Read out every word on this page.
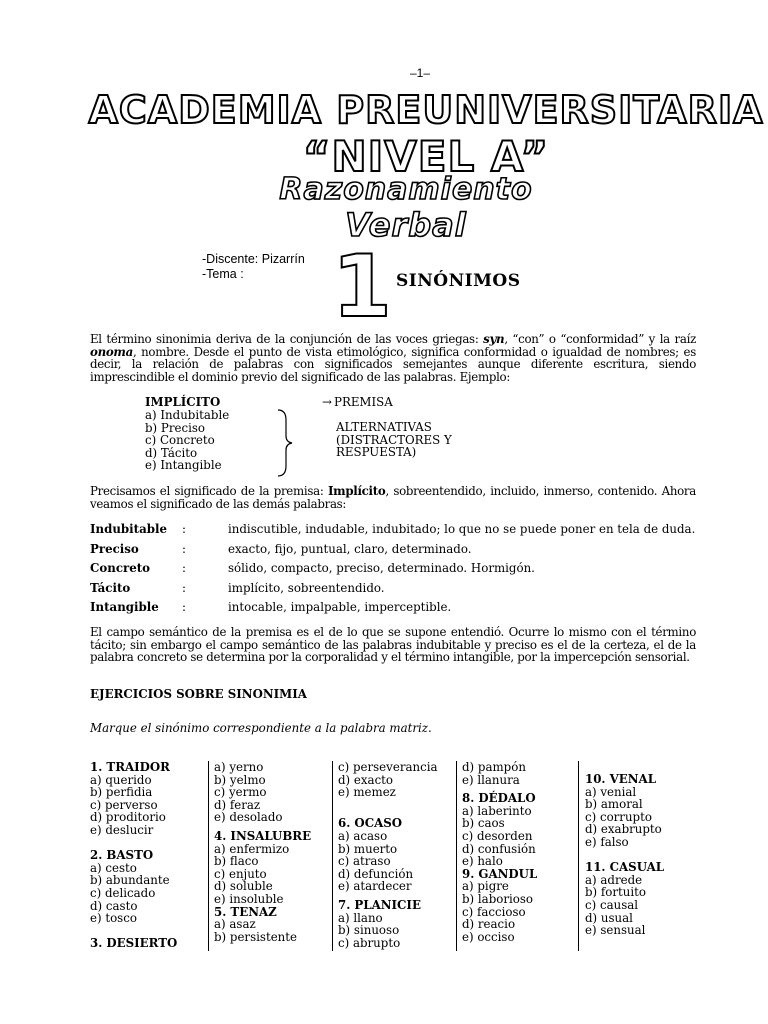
–1–
ACADEMIA PREUNIVERSITARIA
“NIVEL A”
Razonamiento
Verbal
-Discente: Pizarrín
-Tema : 1 SINÓNIMOS
El término sinonimia deriva de la conjunción de las voces griegas: syn, “con” o “conformidad” y la raíz onoma, nombre. Desde el punto de vista etimológico, significa conformidad o igualdad de nombres; es decir, la relación de palabras con significados semejantes aunque diferente escritura, siendo imprescindible el dominio previo del significado de las palabras. Ejemplo:
IMPLÍCITO	→ PREMISA
a) Indubitable
b) Preciso
c) Concreto
d) Tácito
e) Intangible
ALTERNATIVAS
(DISTRACTORES Y
RESPUESTA)
Precisamos el significado de la premisa: Implícito, sobreentendido, incluido, inmerso, contenido. Ahora veamos el significado de las demás palabras:
Indubitable :	indiscutible, indudable, indubitado; lo que no se puede poner en tela de duda.
Preciso	:	exacto, fijo, puntual, claro, determinado.
Concreto	:	sólido, compacto, preciso, determinado. Hormigón.
Tácito	:	implícito, sobreentendido.
Intangible :	intocable, impalpable, imperceptible.
El campo semántico de la premisa es el de lo que se supone entendió. Ocurre lo mismo con el término tácito; sin embargo el campo semántico de las palabras indubitable y preciso es el de la certeza, el de la palabra concreto se determina por la corporalidad y el término intangible, por la impercepción sensorial.
EJERCICIOS SOBRE SINONIMIA
Marque el sinónimo correspondiente a la palabra matriz.
1. TRAIDOR
a) querido
b) perfidia
c) perverso
d) proditorio
e) deslucir
2. BASTO
a) cesto
b) abundante
c) delicado
d) casto
e) tosco
3. DESIERTO
a) yerno
b) yelmo
c) yermo
d) feraz
e) desolado
4. INSALUBRE
a) enfermizo
b) flaco
c) enjuto
d) soluble
e) insoluble
5. TENAZ
a) asaz
b) persistente
c) perseverancia
d) exacto
e) memez
6. OCASO
a) acaso
b) muerto
c) atraso
d) defunción
e) atardecer
7. PLANICIE
a) llano
b) sinuoso
c) abrupto
d) pampón
e) llanura
8. DÉDALO
a) laberinto
b) caos
c) desorden
d) confusión
e) halo
9. GANDUL
a) pigre
b) laborioso
c) faccioso
d) reacio
e) occiso
10. VENAL
a) venial
b) amoral
c) corrupto
d) exabrupto
e) falso
11. CASUAL
a) adrede
b) fortuito
c) causal
d) usual
e) sensual
